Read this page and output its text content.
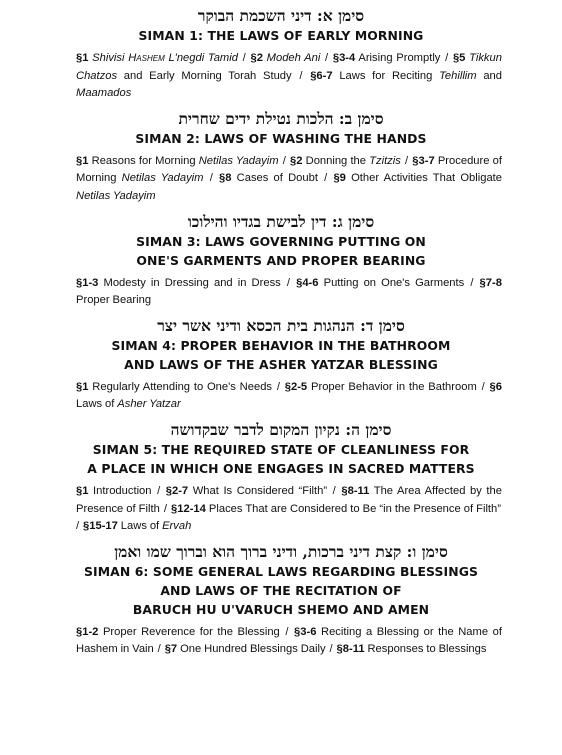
סימן א: דיני השכמת הבוקר
SIMAN 1: THE LAWS OF EARLY MORNING

§1 Shivisi Hashem L'negdi Tamid / §2 Modeh Ani / §3-4 Arising Promptly / §5 Tikkun Chatzos and Early Morning Torah Study / §6-7 Laws for Reciting Tehillim and Maamados

סימן ב: הלכות נטילת ידים שחרית
SIMAN 2: LAWS OF WASHING THE HANDS

§1 Reasons for Morning Netilas Yadayim / §2 Donning the Tzitzis / §3-7 Procedure of Morning Netilas Yadayim / §8 Cases of Doubt / §9 Other Activities That Obligate Netilas Yadayim

סימן ג: דין לבישת בגדיו והילוכו
SIMAN 3: LAWS GOVERNING PUTTING ON
ONE'S GARMENTS AND PROPER BEARING

§1-3 Modesty in Dressing and in Dress / §4-6 Putting on One's Garments / §7-8 Proper Bearing

סימן ד: הנהגות בית הכסא ודיני אשר יצר
SIMAN 4: PROPER BEHAVIOR IN THE BATHROOM
AND LAWS OF THE ASHER YATZAR BLESSING

§1 Regularly Attending to One's Needs / §2-5 Proper Behavior in the Bathroom / §6 Laws of Asher Yatzar

סימן ה: נקיון המקום לדבר שבקדושה
SIMAN 5: THE REQUIRED STATE OF CLEANLINESS FOR
A PLACE IN WHICH ONE ENGAGES IN SACRED MATTERS

§1 Introduction / §2-7 What Is Considered “Filth” / §8-11 The Area Affected by the Presence of Filth / §12-14 Places That are Considered to Be “in the Presence of Filth” / §15-17 Laws of Ervah

סימן ו: קצת דיני ברכות, ודיני ברוך הוא וברוך שמו ואמן
SIMAN 6: SOME GENERAL LAWS REGARDING BLESSINGS
AND LAWS OF THE RECITATION OF
BARUCH HU U'VARUCH SHEMO AND AMEN

§1-2 Proper Reverence for the Blessing / §3-6 Reciting a Blessing or the Name of Hashem in Vain / §7 One Hundred Blessings Daily / §8-11 Responses to Blessings
